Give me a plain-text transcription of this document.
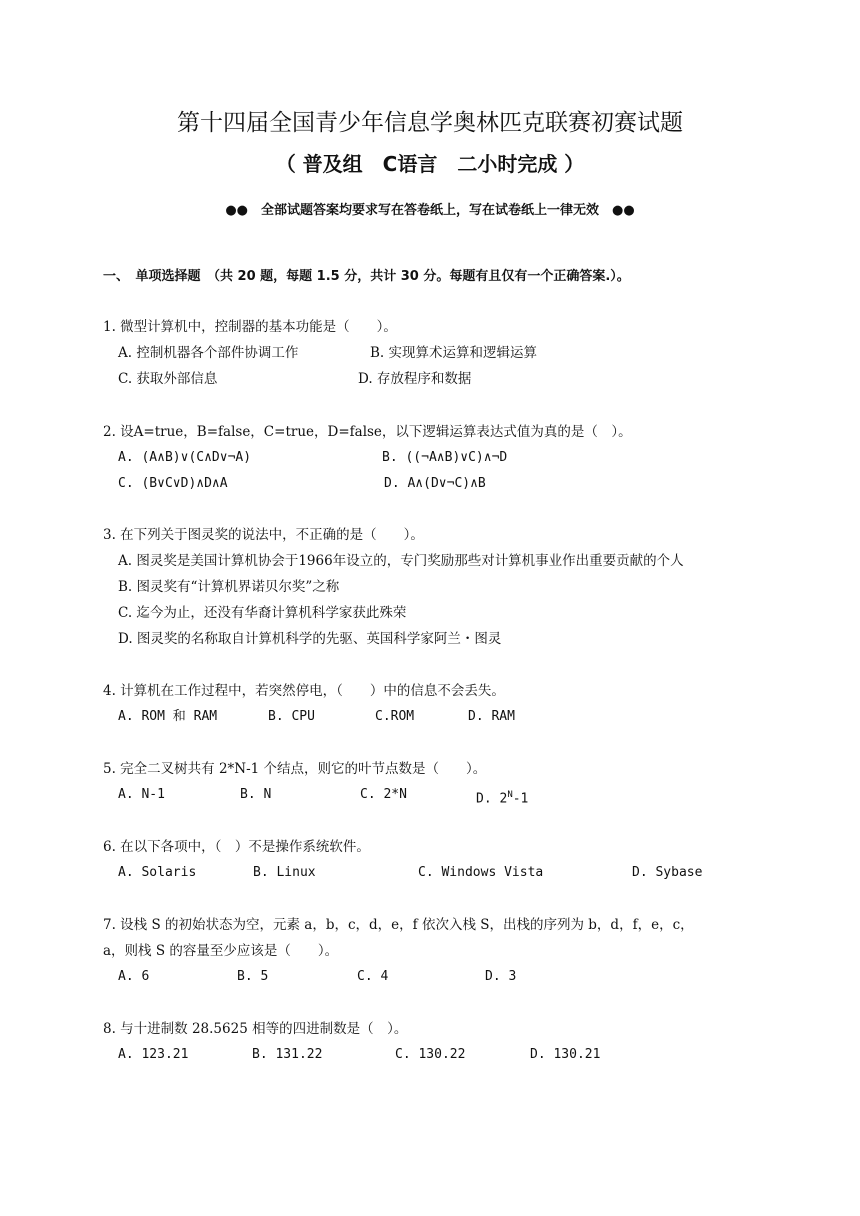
第十四届全国青少年信息学奥林匹克联赛初赛试题
（ 普及组　C语言　二小时完成 ）
●●　全部试题答案均要求写在答卷纸上，写在试卷纸上一律无效　●●
一、　单项选择题　（共 20 题，每题 1.5 分，共计 30 分。每题有且仅有一个正确答案.）。
1. 微型计算机中，控制器的基本功能是（　　）。
A. 控制机器各个部件协调工作	B. 实现算术运算和逻辑运算
C. 获取外部信息	D. 存放程序和数据
2. 设A=true，B=false，C=true，D=false，以下逻辑运算表达式值为真的是（　）。
A. (A∧B)∨(C∧D∨¬A)	B. ((¬A∧B)∨C)∧¬D
C. (B∨C∨D)∧D∧A	D. A∧(D∨¬C)∧B
3. 在下列关于图灵奖的说法中，不正确的是（　　）。
A. 图灵奖是美国计算机协会于1966年设立的，专门奖励那些对计算机事业作出重要贡献的个人
B. 图灵奖有“计算机界诺贝尔奖”之称
C. 迄今为止，还没有华裔计算机科学家获此殊荣
D. 图灵奖的名称取自计算机科学的先驱、英国科学家阿兰・图灵
4. 计算机在工作过程中，若突然停电，（　　）中的信息不会丢失。
A. ROM 和 RAM	B. CPU	C.ROM	D. RAM
5. 完全二叉树共有 2*N-1 个结点，则它的叶节点数是（　　）。
A. N-1	B. N	C. 2*N	D. $2^N-1$
6. 在以下各项中，（　）不是操作系统软件。
A. Solaris	B. Linux	C. Windows Vista	D. Sybase
7. 设栈 S 的初始状态为空，元素 a，b，c，d，e，f 依次入栈 S，出栈的序列为 b，d，f，e，c，
a，则栈 S 的容量至少应该是（　　）。
A. 6	B. 5	C. 4	D. 3
8. 与十进制数 28.5625 相等的四进制数是（　）。
A. 123.21	B. 131.22	C. 130.22	D. 130.21
